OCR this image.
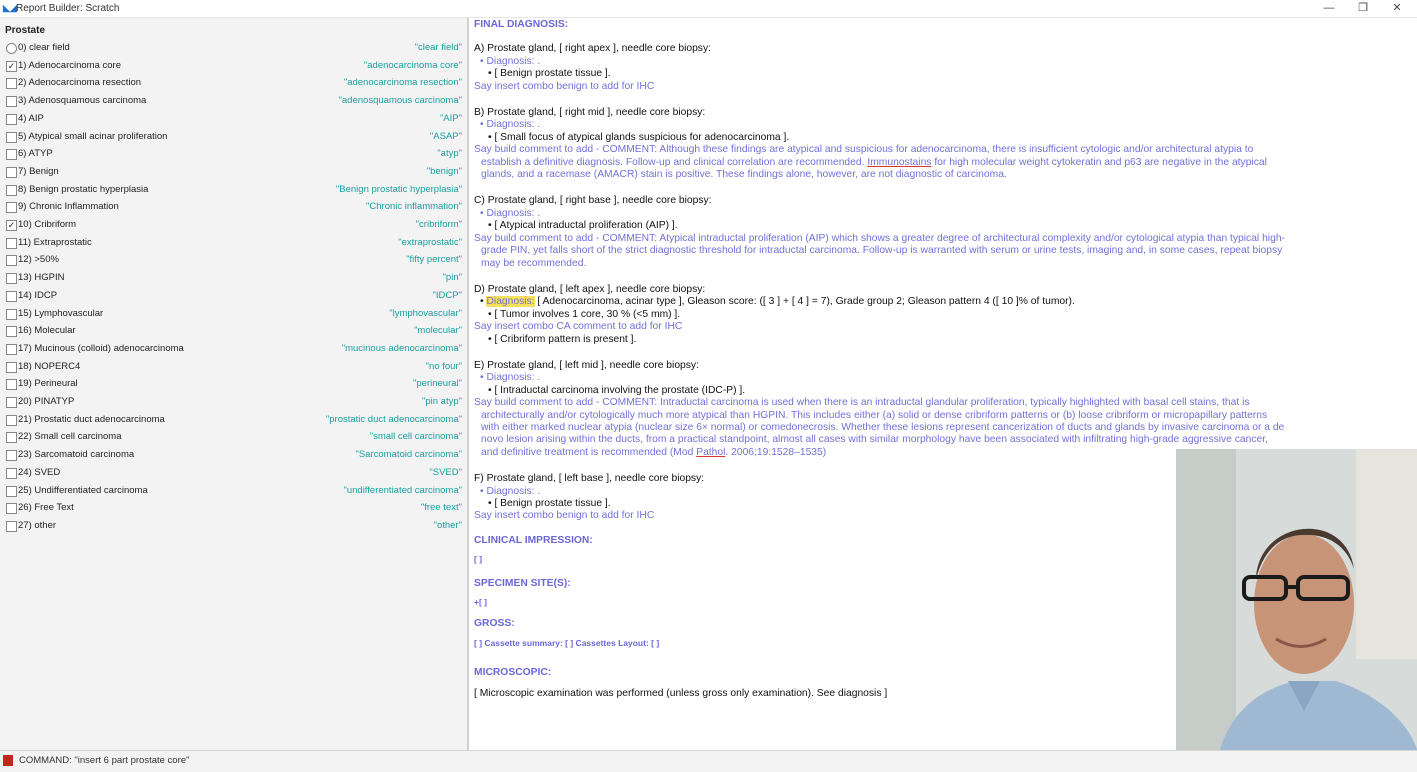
◣◢ Report Builder: Scratch	—	❐	✕
Prostate
0) clear field	"clear field"
✓ 1) Adenocarcinoma core	"adenocarcinoma core"
2) Adenocarcinoma resection	"adenocarcinoma resection"
3) Adenosquamous carcinoma	"adenosquamous carcinoma"
4) AIP	"AIP"
5) Atypical small acinar proliferation	"ASAP"
6) ATYP	"atyp"
7) Benign	"benign"
8) Benign prostatic hyperplasia	"Benign prostatic hyperplasia"
9) Chronic Inflammation	"Chronic inflammation"
✓ 10) Cribriform	"cribriform"
11) Extraprostatic	"extraprostatic"
12) >50%	"fifty percent"
13) HGPIN	"pin"
14) IDCP	"IDCP"
15) Lymphovascular	"lymphovascular"
16) Molecular	"molecular"
17) Mucinous (colloid) adenocarcinoma	"mucinous adenocarcinoma"
18) NOPERC4	"no four"
19) Perineural	"perineural"
20) PINATYP	"pin atyp"
21) Prostatic duct adenocarcinoma	"prostatic duct adenocarcinoma"
22) Small cell carcinoma	"small cell carcinoma"
23) Sarcomatoid carcinoma	"Sarcomatoid carcinoma"
24) SVED	"SVED"
25) Undifferentiated carcinoma	"undifferentiated carcinoma"
26) Free Text	"free text"
27) other	"other"
FINAL DIAGNOSIS:
A) Prostate gland, [ right apex ], needle core biopsy:
• Diagnosis: .
• [ Benign prostate tissue ].
Say insert combo benign to add for IHC
B) Prostate gland, [ right mid ], needle core biopsy:
• Diagnosis: .
• [ Small focus of atypical glands suspicious for adenocarcinoma ].
Say build comment to add - COMMENT: Although these findings are atypical and suspicious for adenocarcinoma, there is insufficient cytologic and/or architectural atypia to
establish a definitive diagnosis. Follow-up and clinical correlation are recommended. Immunostains for high molecular weight cytokeratin and p63 are negative in the atypical
glands, and a racemase (AMACR) stain is positive. These findings alone, however, are not diagnostic of carcinoma.
C) Prostate gland, [ right base ], needle core biopsy:
• Diagnosis: .
• [ Atypical intraductal proliferation (AIP) ].
Say build comment to add - COMMENT: Atypical intraductal proliferation (AIP) which shows a greater degree of architectural complexity and/or cytological atypia than typical high-
grade PIN, yet falls short of the strict diagnostic threshold for intraductal carcinoma. Follow-up is warranted with serum or urine tests, imaging and, in some cases, repeat biopsy
may be recommended.
D) Prostate gland, [ left apex ], needle core biopsy:
• Diagnosis: [ Adenocarcinoma, acinar type ], Gleason score: ([ 3 ] + [ 4 ] = 7), Grade group 2; Gleason pattern 4 ([ 10 ]% of tumor).
• [ Tumor involves 1 core, 30 % (<5 mm) ].
Say insert combo CA comment to add for IHC
• [ Cribriform pattern is present ].
E) Prostate gland, [ left mid ], needle core biopsy:
• Diagnosis: .
• [ Intraductal carcinoma involving the prostate (IDC-P) ].
Say build comment to add - COMMENT: Intraductal carcinoma is used when there is an intraductal glandular proliferation, typically highlighted with basal cell stains, that is
architecturally and/or cytologically much more atypical than HGPIN. This includes either (a) solid or dense cribriform patterns or (b) loose cribriform or micropapillary patterns
with either marked nuclear atypia (nuclear size 6× normal) or comedonecrosis. Whether these lesions represent cancerization of ducts and glands by invasive carcinoma or a de
novo lesion arising within the ducts, from a practical standpoint, almost all cases with similar morphology have been associated with infiltrating high-grade aggressive cancer,
and definitive treatment is recommended (Mod Pathol. 2006;19:1528–1535)
F) Prostate gland, [ left base ], needle core biopsy:
• Diagnosis: .
• [ Benign prostate tissue ].
Say insert combo benign to add for IHC
CLINICAL IMPRESSION:
[ ]
SPECIMEN SITE(S):
+[ ]
GROSS:
[ ] Cassette summary: [ ] Cassettes Layout: [ ]
MICROSCOPIC:
[ Microscopic examination was performed (unless gross only examination). See diagnosis ]
COMMAND: "insert 6 part prostate core"
